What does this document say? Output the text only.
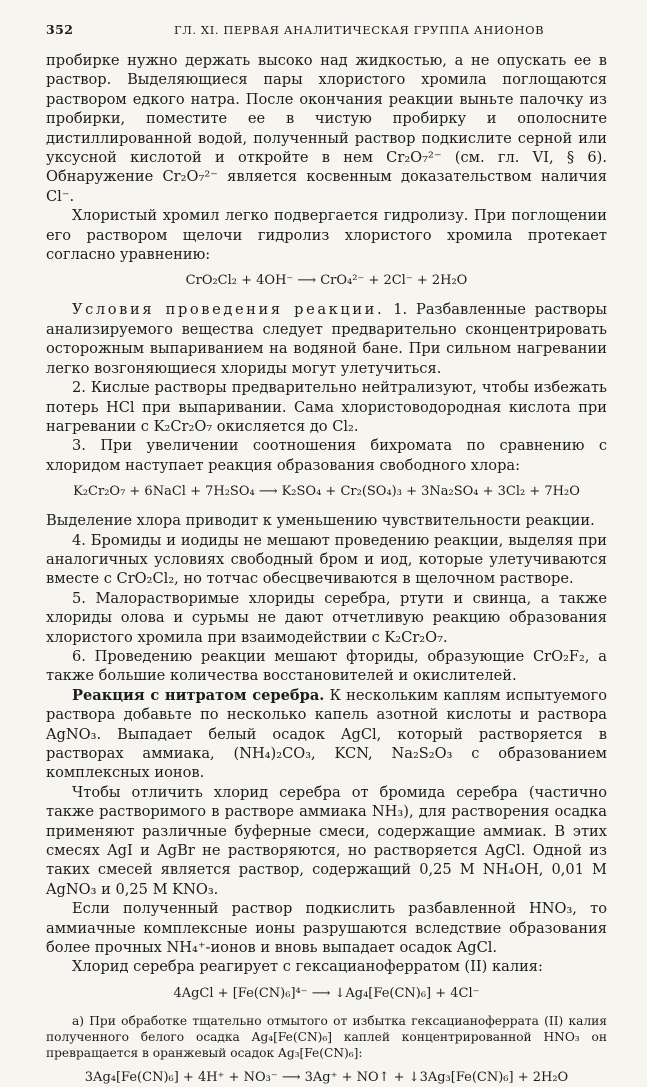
352	ГЛ. XI. ПЕРВАЯ АНАЛИТИЧЕСКАЯ ГРУППА АНИОНОВ

пробирке нужно держать высоко над жидкостью, а не опускать ее в раствор. Выделяющиеся пары хлористого хромила поглощаются раствором едкого натра. После окончания реакции выньте палочку из пробирки, поместите ее в чистую пробирку и ополосните дистиллированной водой, полученный раствор подкислите серной или уксусной кислотой и откройте в нем Cr₂O₇²⁻ (см. гл. VI, § 6). Обнаружение Cr₂O₇²⁻ является косвенным доказательством наличия Cl⁻.

Хлористый хромил легко подвергается гидролизу. При поглощении его раствором щелочи гидролиз хлористого хромила протекает согласно уравнению:

CrO₂Cl₂ + 4OH⁻ ⟶ CrO₄²⁻ + 2Cl⁻ + 2H₂O

Условия проведения реакции. 1. Разбавленные растворы анализируемого вещества следует предварительно сконцентрировать осторожным выпариванием на водяной бане. При сильном нагревании легко возгоняющиеся хлориды могут улетучиться.

2. Кислые растворы предварительно нейтрализуют, чтобы избежать потерь HCl при выпаривании. Сама хлористоводородная кислота при нагревании с K₂Cr₂O₇ окисляется до Cl₂.

3. При увеличении соотношения бихромата по сравнению с хлоридом наступает реакция образования свободного хлора:

K₂Cr₂O₇ + 6NaCl + 7H₂SO₄ ⟶ K₂SO₄ + Cr₂(SO₄)₃ + 3Na₂SO₄ + 3Cl₂ + 7H₂O

Выделение хлора приводит к уменьшению чувствительности реакции.

4. Бромиды и иодиды не мешают проведению реакции, выделяя при аналогичных условиях свободный бром и иод, которые улетучиваются вместе с CrO₂Cl₂, но тотчас обесцвечиваются в щелочном растворе.

5. Малорастворимые хлориды серебра, ртути и свинца, а также хлориды олова и сурьмы не дают отчетливую реакцию образования хлористого хромила при взаимодействии с K₂Cr₂O₇.

6. Проведению реакции мешают фториды, образующие CrO₂F₂, а также большие количества восстановителей и окислителей.

Реакция с нитратом серебра. К нескольким каплям испытуемого раствора добавьте по несколько капель азотной кислоты и раствора AgNO₃. Выпадает белый осадок AgCl, который растворяется в растворах аммиака, (NH₄)₂CO₃, KCN, Na₂S₂O₃ с образованием комплексных ионов.

Чтобы отличить хлорид серебра от бромида серебра (частично также растворимого в растворе аммиака NH₃), для растворения осадка применяют различные буферные смеси, содержащие аммиак. В этих смесях AgI и AgBr не растворяются, но растворяется AgCl. Одной из таких смесей является раствор, содержащий 0,25 M NH₄OH, 0,01 M AgNO₃ и 0,25 M KNO₃.

Если полученный раствор подкислить разбавленной HNO₃, то аммиачные комплексные ионы разрушаются вследствие образования более прочных NH₄⁺-ионов и вновь выпадает осадок AgCl.

Хлорид серебра реагирует с гексацианоферратом (II) калия:

4AgCl + [Fe(CN)₆]⁴⁻ ⟶ ↓Ag₄[Fe(CN)₆] + 4Cl⁻

а) При обработке тщательно отмытого от избытка гексацианоферрата (II) калия полученного белого осадка Ag₄[Fe(CN)₆] каплей концентрированной HNO₃ он превращается в оранжевый осадок Ag₃[Fe(CN)₆]:

3Ag₄[Fe(CN)₆] + 4H⁺ + NO₃⁻ ⟶ 3Ag⁺ + NO↑ + ↓3Ag₃[Fe(CN)₆] + 2H₂O
